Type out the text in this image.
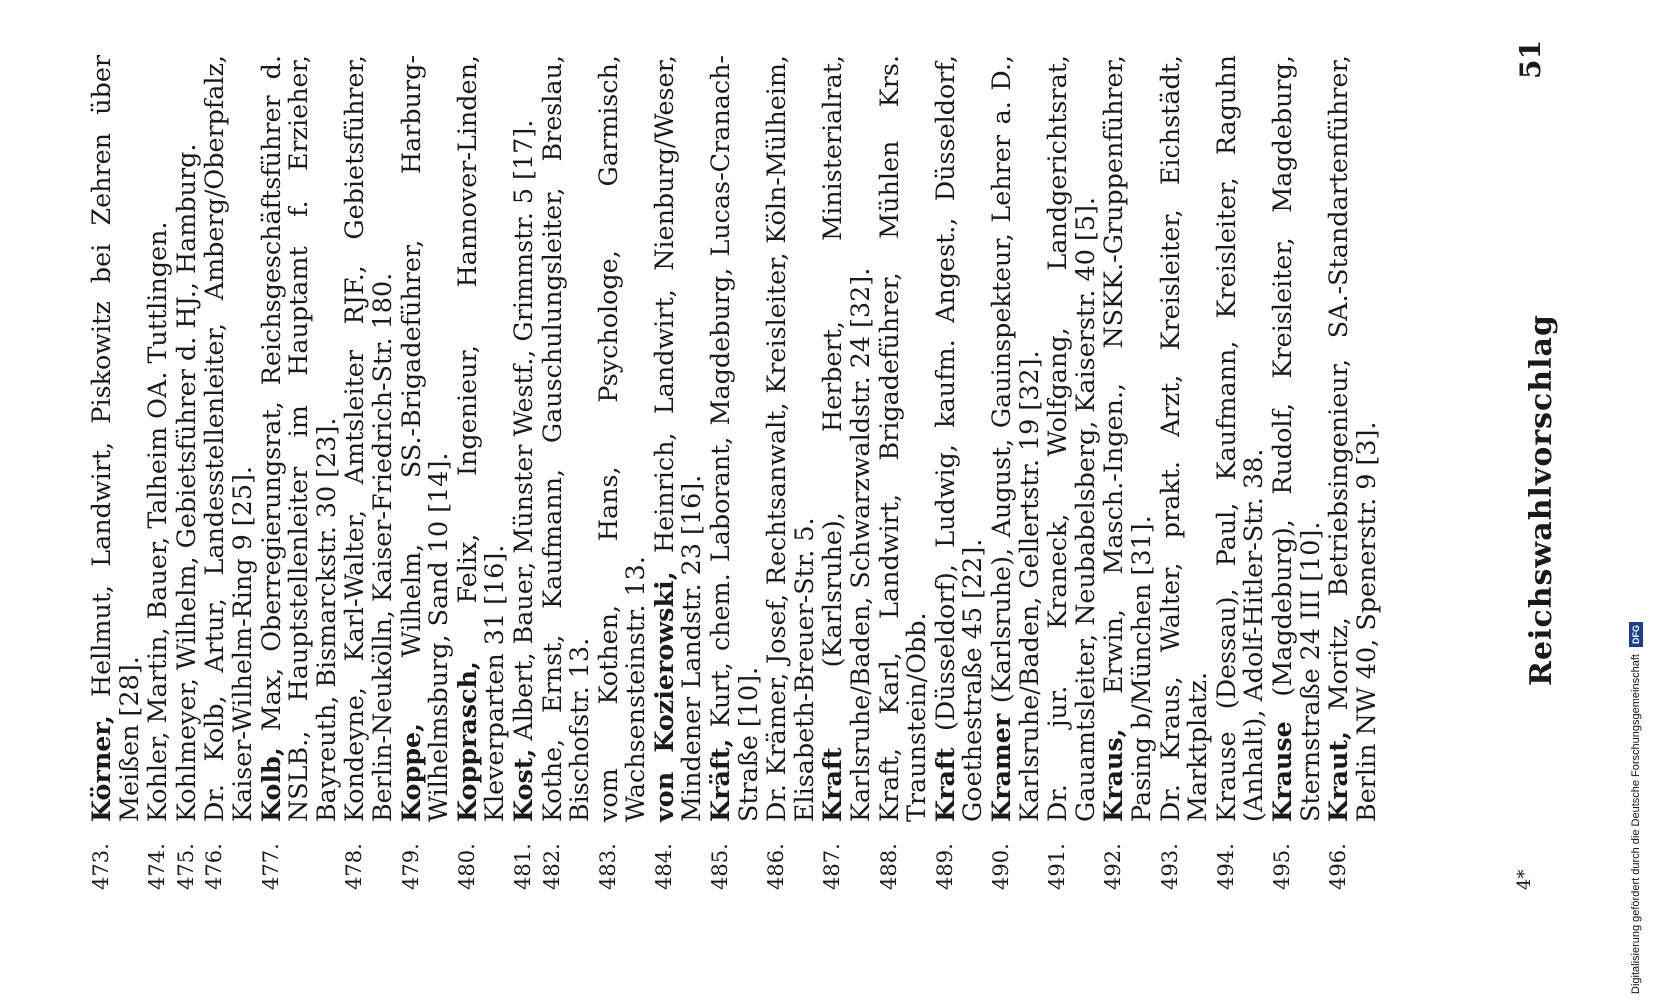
Reichswahlvorschlag
473.
Körner, Hellmut, Landwirt, Piskowitz bei Zehren über Meißen [28].
474.
Kohler, Martin, Bauer, Talheim OA. Tuttlingen.
475.
Kohlmeyer, Wilhelm, Gebietsführer d. HJ., Hamburg.
476.
Dr. Kolb, Artur, Landesstellenleiter, Amberg/Oberpfalz, Kaiser-Wilhelm-Ring 9 [25].
477.
Kolb, Max, Oberregierungsrat, Reichsgeschäftsführer d. NSLB., Hauptstellenleiter im Hauptamt f. Erzieher, Bayreuth, Bismarckstr. 30 [23].
478.
Kondeyne, Karl-Walter, Amtsleiter RJF., Gebietsführer, Berlin-Neukölln, Kaiser-Friedrich-Str. 180.
479.
Koppe, Wilhelm, SS.-Brigadeführer, Harburg-Wilhelmsburg, Sand 10 [14].
480.
Kopprasch, Felix, Ingenieur, Hannover-Linden, Kleverparten 31 [16].
481.
Kost, Albert, Bauer, Münster Westf., Grimmstr. 5 [17].
482.
Kothe, Ernst, Kaufmann, Gauschulungsleiter, Breslau, Bischofstr. 13.
483.
vom Kothen, Hans, Psychologe, Garmisch, Wachsensteinstr. 13.
484.
von Kozierowski, Heinrich, Landwirt, Nienburg/Weser, Mindener Landstr. 23 [16].
485.
Kräft, Kurt, chem. Laborant, Magdeburg, Lucas-Cranach-Straße [10].
486.
Dr. Krämer, Josef, Rechtsanwalt, Kreisleiter, Köln-Mülheim, Elisabeth-Breuer-Str. 5.
487.
Kraft (Karlsruhe), Herbert, Ministerialrat, Karlsruhe/Baden, Schwarzwaldstr. 24 [32].
488.
Kraft, Karl, Landwirt, Brigadeführer, Mühlen Krs. Traunstein/Obb.
489.
Kraft (Düsseldorf), Ludwig, kaufm. Angest., Düsseldorf, Goethestraße 45 [22].
490.
Kramer (Karlsruhe), August, Gauinspekteur, Lehrer a. D., Karlsruhe/Baden, Gellertstr. 19 [32].
491.
Dr. jur. Kraneck, Wolfgang, Landgerichtsrat, Gauamtsleiter, Neubabelsberg, Kaiserstr. 40 [5].
492.
Kraus, Erwin, Masch.-Ingen., NSKK.-Gruppenführer, Pasing b/München [31].
493.
Dr. Kraus, Walter, prakt. Arzt, Kreisleiter, Eichstädt, Marktplatz.
494.
Krause (Dessau), Paul, Kaufmann, Kreisleiter, Raguhn (Anhalt), Adolf-Hitler-Str. 38.
495.
Krause (Magdeburg), Rudolf, Kreisleiter, Magdeburg, Sternstraße 24 III [10].
496.
Kraut, Moritz, Betriebsingenieur, SA.-Standartenführer, Berlin NW 40, Spenerstr. 9 [3].
4*
51
Digitalisierung gefördert durch die Deutsche Forschungsgemeinschaft DFG
